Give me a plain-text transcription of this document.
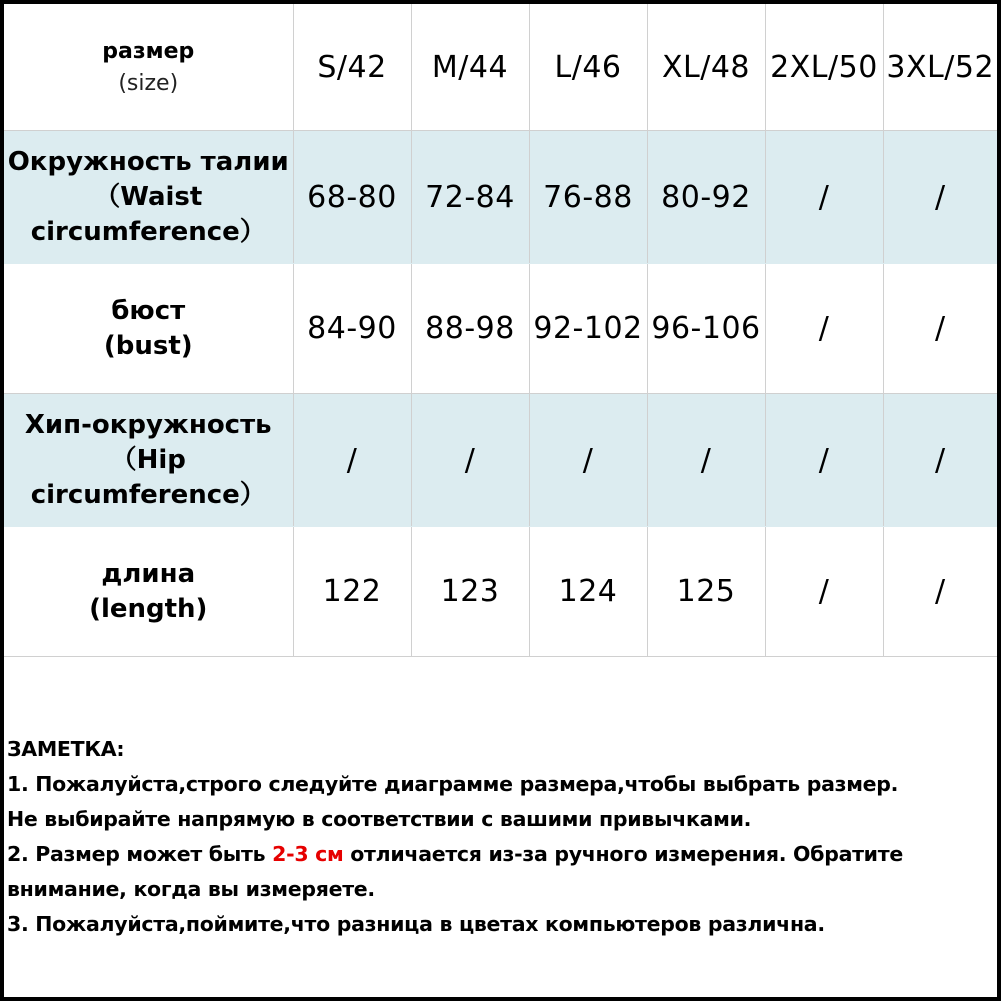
размер
(size)	S/42	M/44	L/46	XL/48	2XL/50	3XL/52

Окружность талии
（Waist
circumference）	68-80	72-84	76-88	80-92	/	/

бюст
(bust)	84-90	88-98	92-102	96-106	/	/

Хип-окружность
（Hip
circumference）	/	/	/	/	/	/

длина
(length)	122	123	124	125	/	/
ЗАМЕТКА:
1. Пожалуйста,строго следуйте диаграмме размера,чтобы выбрать размер.
Не выбирайте напрямую в соответствии с вашими привычками.
2. Размер может быть 2-3 см отличается из-за ручного измерения. Обратите
внимание, когда вы измеряете.
3. Пожалуйста,поймите,что разница в цветах компьютеров различна.
